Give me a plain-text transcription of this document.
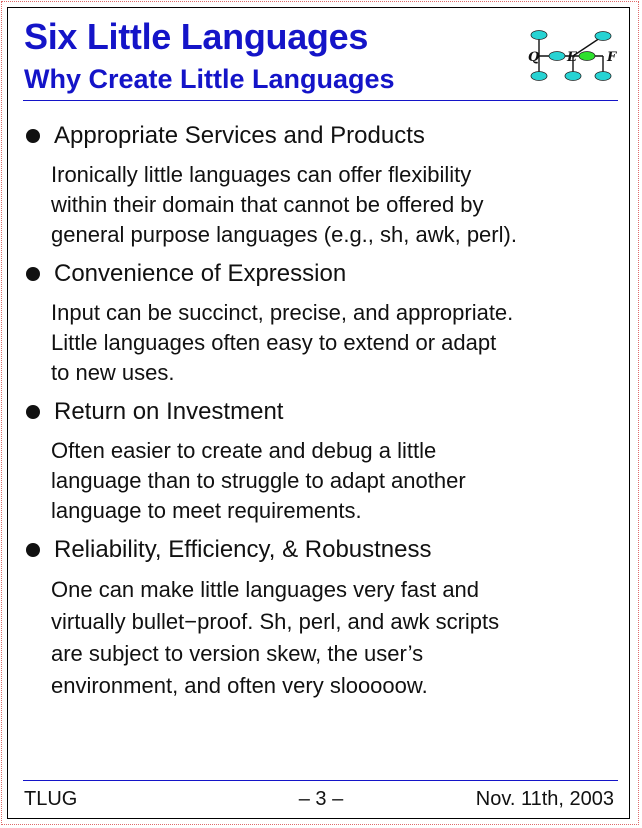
Six Little Languages
Why Create Little Languages
Q E F
Appropriate Services and Products

Ironically little languages can offer flexibility
within their domain that cannot be offered by
general purpose languages (e.g., sh, awk, perl).

Convenience of Expression

Input can be succinct, precise, and appropriate.
Little languages often easy to extend or adapt
to new uses.

Return on Investment

Often easier to create and debug a little
language than to struggle to adapt another
language to meet requirements.

Reliability, Efficiency, & Robustness

One can make little languages very fast and
virtually bullet−proof. Sh, perl, and awk scripts
are subject to version skew, the user’s
environment, and often very slooooow.

TLUG	– 3 –	Nov. 11th, 2003
